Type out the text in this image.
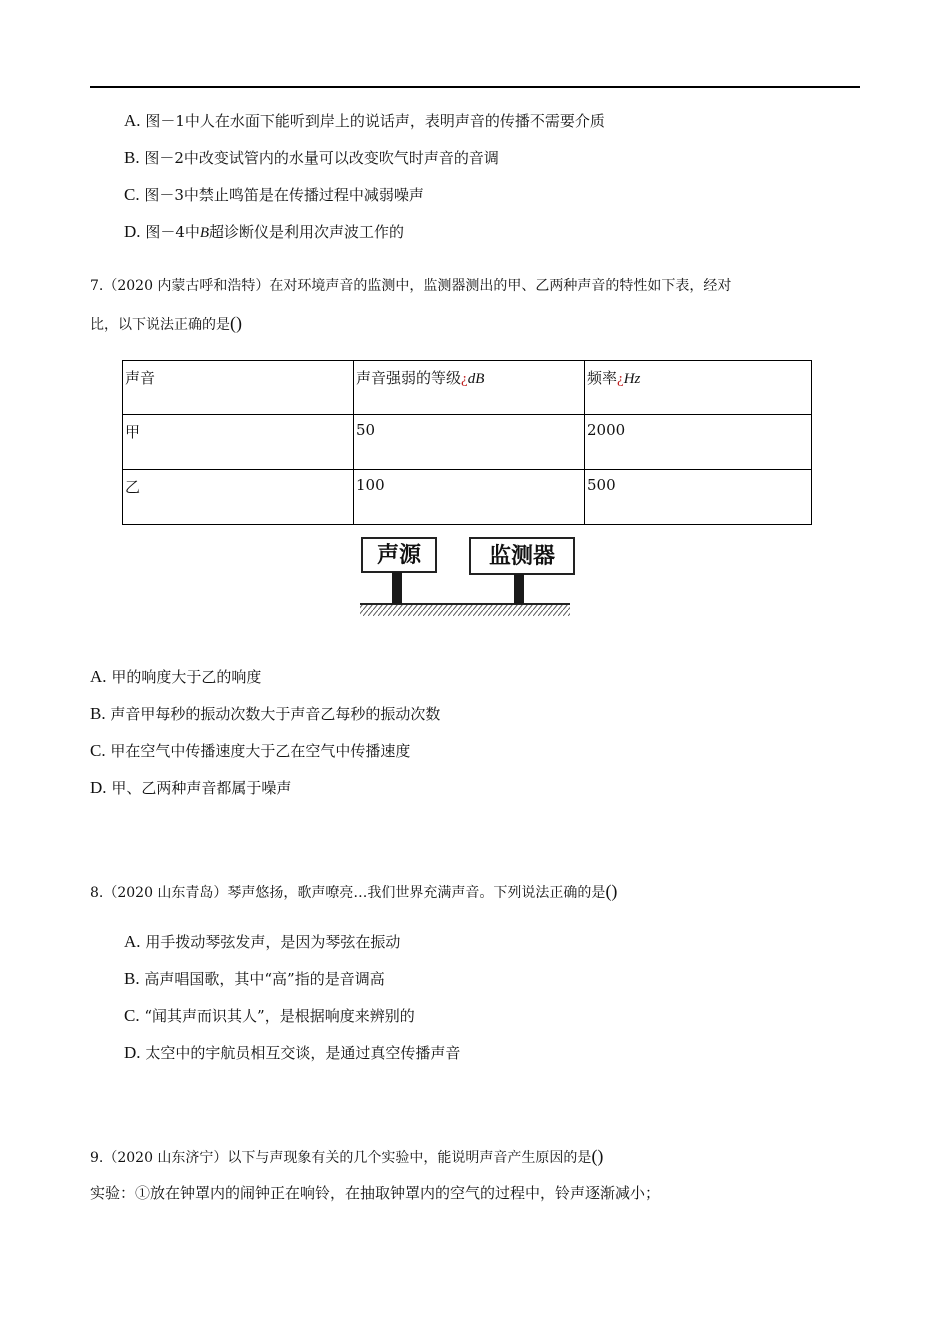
A. 图－1中人在水面下能听到岸上的说话声，表明声音的传播不需要介质
B. 图－2中改变试管内的水量可以改变吹气时声音的音调
C. 图－3中禁止鸣笛是在传播过程中减弱噪声
D. 图－4中B超诊断仪是利用次声波工作的
7.（2020 内蒙古呼和浩特）在对环境声音的监测中，监测器测出的甲、乙两种声音的特性如下表，经对
比，以下说法正确的是()
声音	声音强弱的等级¿dB	频率¿Hz
甲	50	2000
乙	100	500
声源	监测器
A. 甲的响度大于乙的响度
B. 声音甲每秒的振动次数大于声音乙每秒的振动次数
C. 甲在空气中传播速度大于乙在空气中传播速度
D. 甲、乙两种声音都属于噪声
8.（2020 山东青岛）琴声悠扬，歌声嘹亮…我们世界充满声音。下列说法正确的是()
A. 用手拨动琴弦发声，是因为琴弦在振动
B. 高声唱国歌，其中“高”指的是音调高
C. “闻其声而识其人”，是根据响度来辨别的
D. 太空中的宇航员相互交谈，是通过真空传播声音
9.（2020 山东济宁）以下与声现象有关的几个实验中，能说明声音产生原因的是()
实验：①放在钟罩内的闹钟正在响铃，在抽取钟罩内的空气的过程中，铃声逐渐减小；
